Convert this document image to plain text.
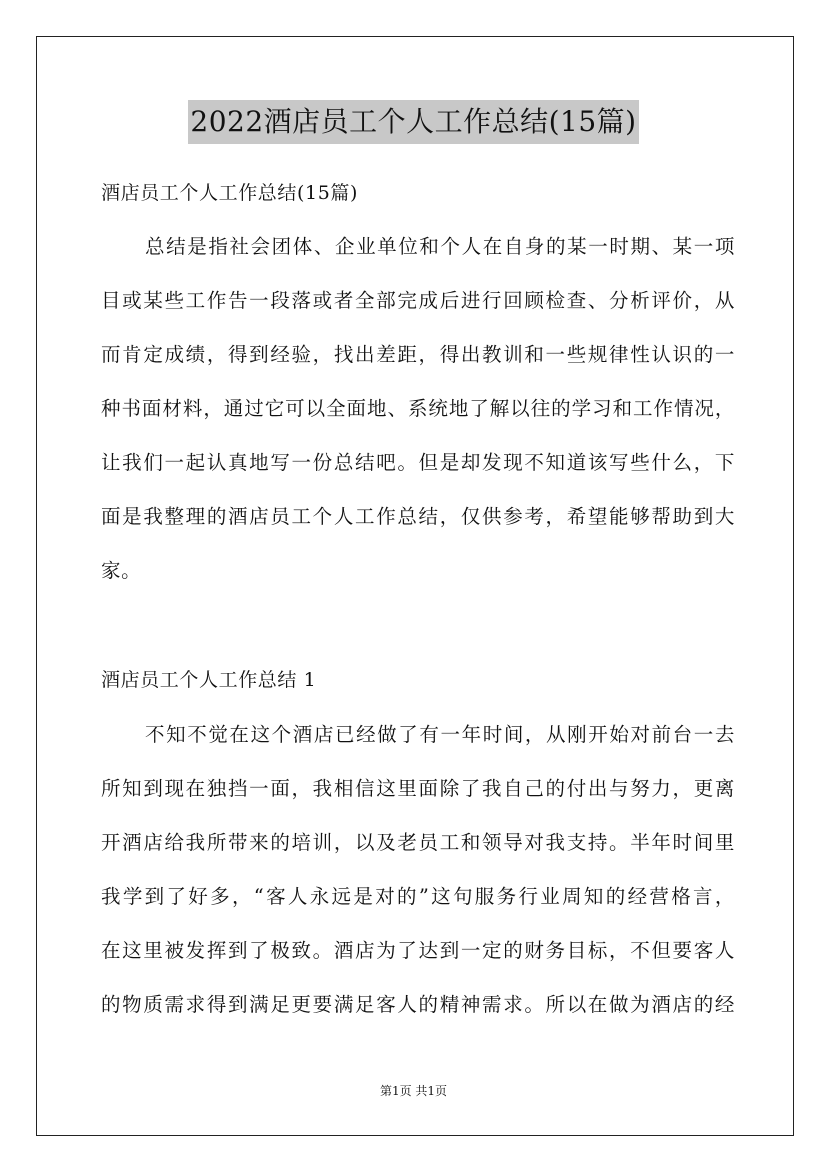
2022酒店员工个人工作总结(15篇)
酒店员工个人工作总结(15篇)
总结是指社会团体、企业单位和个人在自身的某一时期、某一项
目或某些工作告一段落或者全部完成后进行回顾检查、分析评价，从
而肯定成绩，得到经验，找出差距，得出教训和一些规律性认识的一
种书面材料，通过它可以全面地、系统地了解以往的学习和工作情况，
让我们一起认真地写一份总结吧。但是却发现不知道该写些什么，下
面是我整理的酒店员工个人工作总结，仅供参考，希望能够帮助到大
家。
酒店员工个人工作总结 1
不知不觉在这个酒店已经做了有一年时间，从刚开始对前台一去
所知到现在独挡一面，我相信这里面除了我自己的付出与努力，更离
开酒店给我所带来的培训，以及老员工和领导对我支持。半年时间里
我学到了好多，“客人永远是对的”这句服务行业周知的经营格言，
在这里被发挥到了极致。酒店为了达到一定的财务目标，不但要客人
的物质需求得到满足更要满足客人的精神需求。所以在做为酒店的经
第1页 共1页
